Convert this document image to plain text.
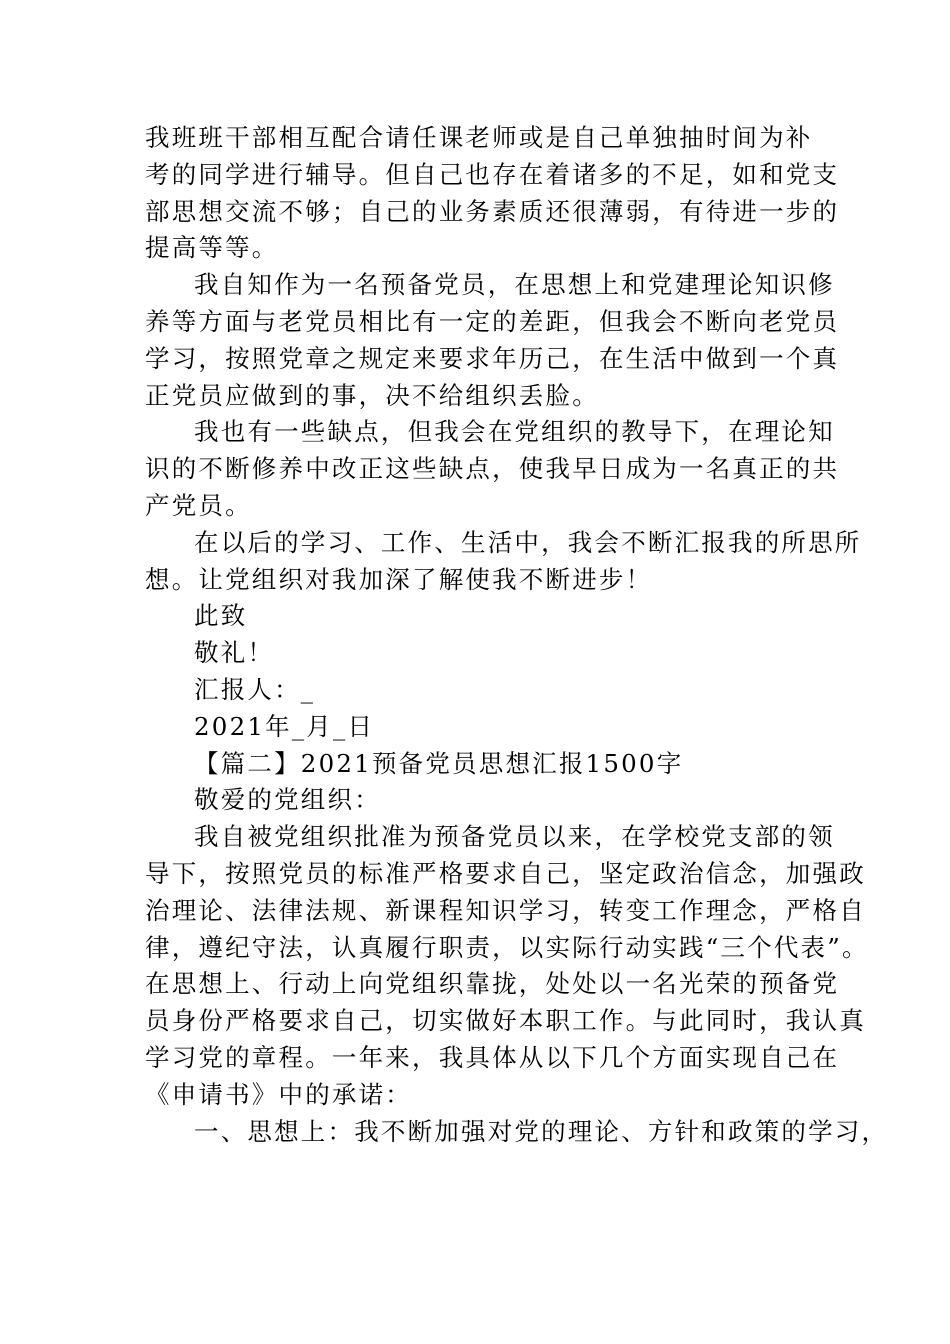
我班班干部相互配合请任课老师或是自己单独抽时间为补
考的同学进行辅导。但自己也存在着诸多的不足，如和党支
部思想交流不够；自己的业务素质还很薄弱，有待进一步的
提高等等。
我自知作为一名预备党员，在思想上和党建理论知识修
养等方面与老党员相比有一定的差距，但我会不断向老党员
学习，按照党章之规定来要求年历己，在生活中做到一个真
正党员应做到的事，决不给组织丢脸。
我也有一些缺点，但我会在党组织的教导下，在理论知
识的不断修养中改正这些缺点，使我早日成为一名真正的共
产党员。
在以后的学习、工作、生活中，我会不断汇报我的所思所
想。让党组织对我加深了解使我不断进步！
此致
敬礼！
汇报人：_
2021年_月_日
【篇二】2021预备党员思想汇报1500字
敬爱的党组织：
我自被党组织批准为预备党员以来，在学校党支部的领
导下，按照党员的标准严格要求自己，坚定政治信念，加强政
治理论、法律法规、新课程知识学习，转变工作理念，严格自
律，遵纪守法，认真履行职责，以实际行动实践“三个代表”。
在思想上、行动上向党组织靠拢，处处以一名光荣的预备党
员身份严格要求自己，切实做好本职工作。与此同时，我认真
学习党的章程。一年来，我具体从以下几个方面实现自己在
《申请书》中的承诺：
一、思想上：我不断加强对党的理论、方针和政策的学习，
